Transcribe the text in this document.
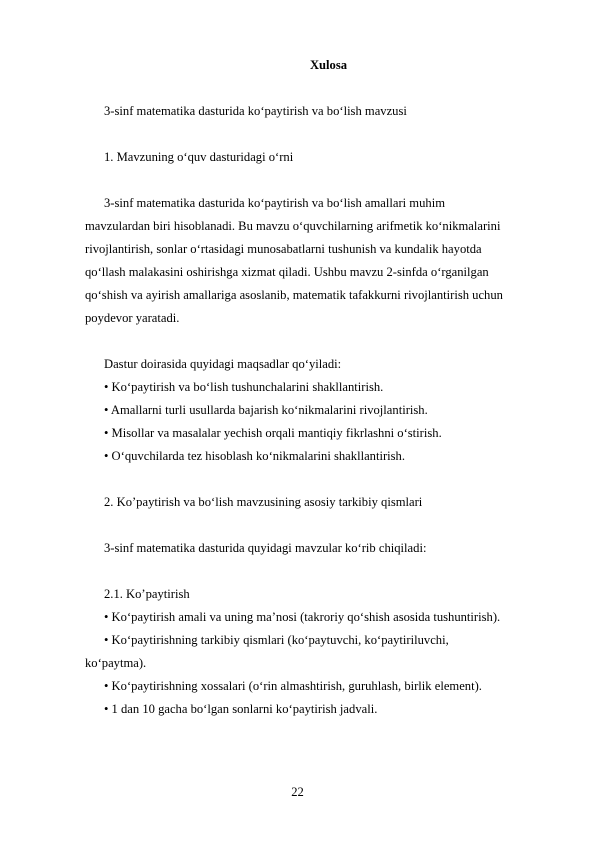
Xulosa
3-sinf matematika dasturida ko‘paytirish va bo‘lish mavzusi
1. Mavzuning o‘quv dasturidagi o‘rni
3-sinf matematika dasturida ko‘paytirish va bo‘lish amallari muhim
mavzulardan biri hisoblanadi. Bu mavzu o‘quvchilarning arifmetik ko‘nikmalarini
rivojlantirish, sonlar o‘rtasidagi munosabatlarni tushunish va kundalik hayotda
qo‘llash malakasini oshirishga xizmat qiladi. Ushbu mavzu 2-sinfda o‘rganilgan
qo‘shish va ayirish amallariga asoslanib, matematik tafakkurni rivojlantirish uchun
poydevor yaratadi.
Dastur doirasida quyidagi maqsadlar qo‘yiladi:
• Ko‘paytirish va bo‘lish tushunchalarini shakllantirish.
• Amallarni turli usullarda bajarish ko‘nikmalarini rivojlantirish.
• Misollar va masalalar yechish orqali mantiqiy fikrlashni o‘stirish.
• O‘quvchilarda tez hisoblash ko‘nikmalarini shakllantirish.
2. Ko’paytirish va bo‘lish mavzusining asosiy tarkibiy qismlari
3-sinf matematika dasturida quyidagi mavzular ko‘rib chiqiladi:
2.1. Ko’paytirish
• Ko‘paytirish amali va uning ma’nosi (takroriy qo‘shish asosida tushuntirish).
• Ko‘paytirishning tarkibiy qismlari (ko‘paytuvchi, ko‘paytiriluvchi,
ko‘paytma).
• Ko‘paytirishning xossalari (o‘rin almashtirish, guruhlash, birlik element).
• 1 dan 10 gacha bo‘lgan sonlarni ko‘paytirish jadvali.
22
